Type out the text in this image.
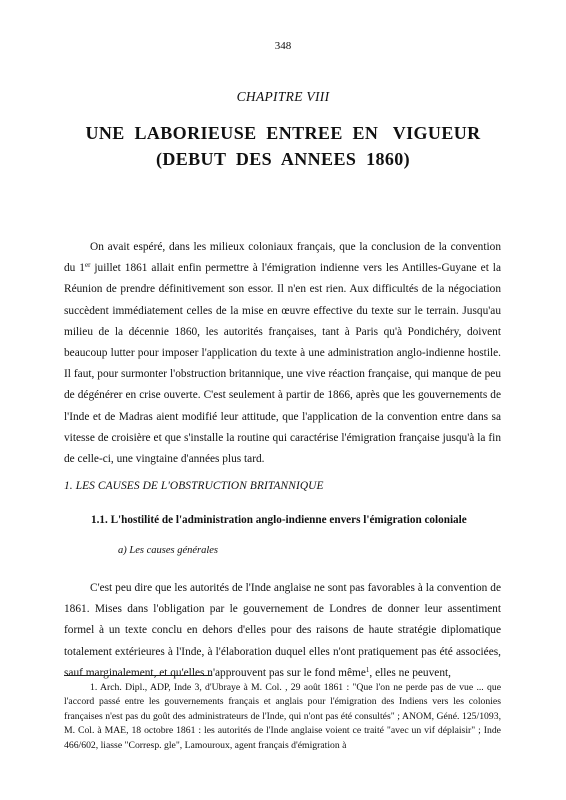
348
CHAPITRE VIII
UNE  LABORIEUSE  ENTREE  EN   VIGUEUR
(DEBUT  DES  ANNEES  1860)

On avait espéré, dans les milieux coloniaux français, que la conclusion de la convention du 1er juillet 1861 allait enfin permettre à l'émigration indienne vers les Antilles-Guyane et la Réunion de prendre définitivement son essor. Il n'en est rien. Aux difficultés de la négociation succèdent immédiatement celles de la mise en œuvre effective du texte sur le terrain. Jusqu'au milieu de la décennie 1860, les autorités françaises, tant à Paris qu'à Pondichéry, doivent beaucoup lutter pour imposer l'application du texte à une administration anglo-indienne hostile. Il faut, pour surmonter l'obstruction britannique, une vive réaction française, qui manque de peu de dégénérer en crise ouverte. C'est seulement à partir de 1866, après que les gouvernements de l'Inde et de Madras aient modifié leur attitude, que l'application de la convention entre dans sa vitesse de croisière et que s'installe la routine qui caractérise l'émigration française jusqu'à la fin de celle-ci, une vingtaine d'années plus tard.

1. LES CAUSES DE L'OBSTRUCTION BRITANNIQUE
1.1. L'hostilité de l'administration anglo-indienne envers l'émigration coloniale
a) Les causes générales

C'est peu dire que les autorités de l'Inde anglaise ne sont pas favorables à la convention de 1861. Mises dans l'obligation par le gouvernement de Londres de donner leur assentiment formel à un texte conclu en dehors d'elles pour des raisons de haute stratégie diplomatique totalement extérieures à l'Inde, à l'élaboration duquel elles n'ont pratiquement pas été associées, sauf marginalement, et qu'elles n'approuvent pas sur le fond même$^1$, elles ne peuvent,

1. Arch. Dipl., ADP, Inde 3, d'Ubraye à M. Col. , 29 août 1861 : "Que l'on ne perde pas de vue ... que l'accord passé entre les gouvernements français et anglais pour l'émigration des Indiens vers les colonies françaises n'est pas du goût des administrateurs de l'Inde, qui n'ont pas été consultés" ; ANOM, Géné. 125/1093, M. Col. à MAE, 18 octobre 1861 : les autorités de l'Inde anglaise voient ce traité "avec un vif déplaisir" ; Inde 466/602, liasse "Corresp. gle", Lamouroux, agent français d'émigration à
